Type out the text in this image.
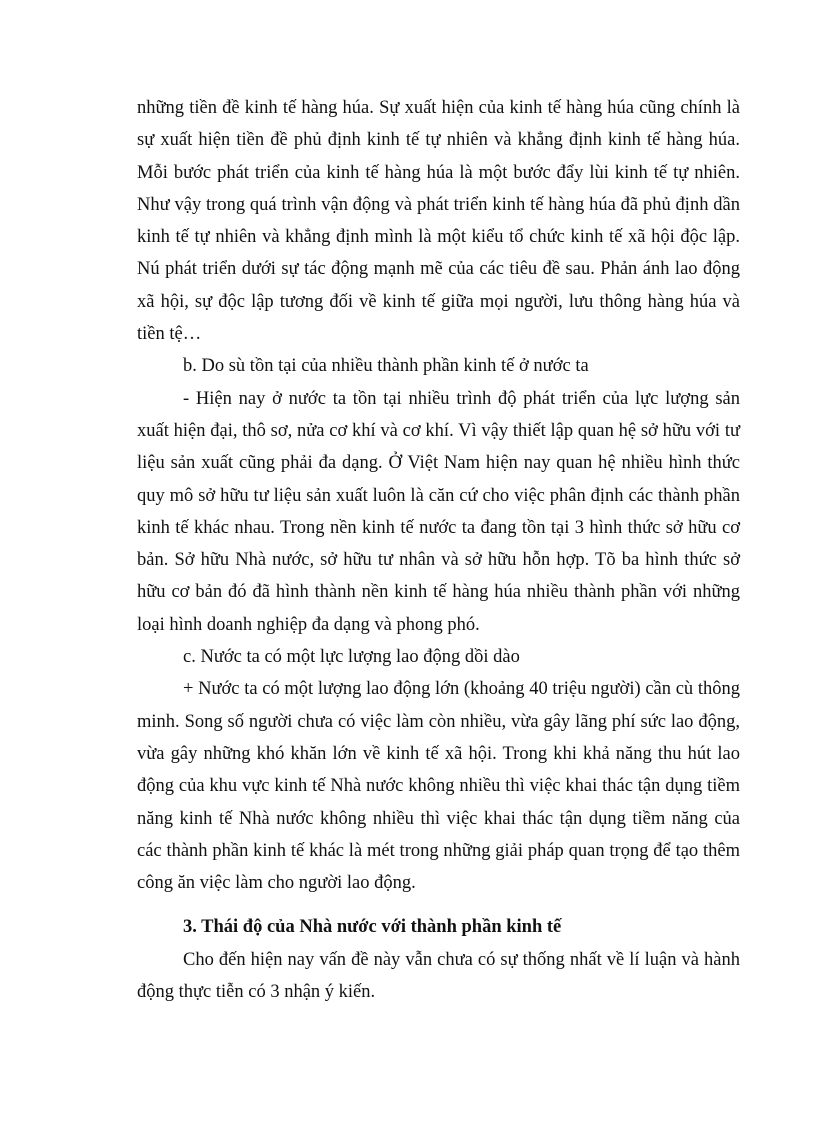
những tiền đề kinh tế hàng húa. Sự xuất hiện của kinh tế hàng húa cũng chính là sự xuất hiện tiền đề phủ định kinh tế tự nhiên và khẳng định kinh tế hàng húa. Mỗi bước phát triển của kinh tế hàng húa là một bước đẩy lùi kinh tế tự nhiên. Như vậy trong quá trình vận động và phát triển kinh tế hàng húa đã phủ định dần kinh tế tự nhiên và khẳng định mình là một kiểu tổ chức kinh tế xã hội độc lập. Nú phát triển dưới sự tác động mạnh mẽ của các tiêu đề sau. Phản ánh lao động xã hội, sự độc lập tương đối về kinh tế giữa mọi người, lưu thông hàng húa và tiền tệ…

b. Do sù tồn tại của nhiều thành phần kinh tế ở nước ta

- Hiện nay ở nước ta tồn tại nhiều trình độ phát triển của lực lượng sản xuất hiện đại, thô sơ, nửa cơ khí và cơ khí. Vì vậy thiết lập quan hệ sở hữu với tư liệu sản xuất cũng phải đa dạng. Ở Việt Nam hiện nay quan hệ nhiều hình thức quy mô sở hữu tư liệu sản xuất luôn là căn cứ cho việc phân định các thành phần kinh tế khác nhau. Trong nền kinh tế nước ta đang tồn tại 3 hình thức sở hữu cơ bản. Sở hữu Nhà nước, sở hữu tư nhân và sở hữu hỗn hợp. Tõ ba hình thức sở hữu cơ bản đó đã hình thành nền kinh tế hàng húa nhiều thành phần với những loại hình doanh nghiệp đa dạng và phong phó.

c. Nước ta có một lực lượng lao động dồi dào

+ Nước ta có một lượng lao động lớn (khoảng 40 triệu người) cần cù thông minh. Song số người chưa có việc làm còn nhiều, vừa gây lãng phí sức lao động, vừa gây những khó khăn lớn về kinh tế xã hội. Trong khi khả năng thu hút lao động của khu vực kinh tế Nhà nước không nhiều thì việc khai thác tận dụng tiềm năng kinh tế Nhà nước không nhiều thì việc khai thác tận dụng tiềm năng của các thành phần kinh tế khác là mét trong những giải pháp quan trọng để tạo thêm công ăn việc làm cho người lao động.

3. Thái độ của Nhà nước với thành phần kinh tế

Cho đến hiện nay vấn đề này vẫn chưa có sự thống nhất về lí luận và hành động thực tiễn có 3 nhận ý kiến.
